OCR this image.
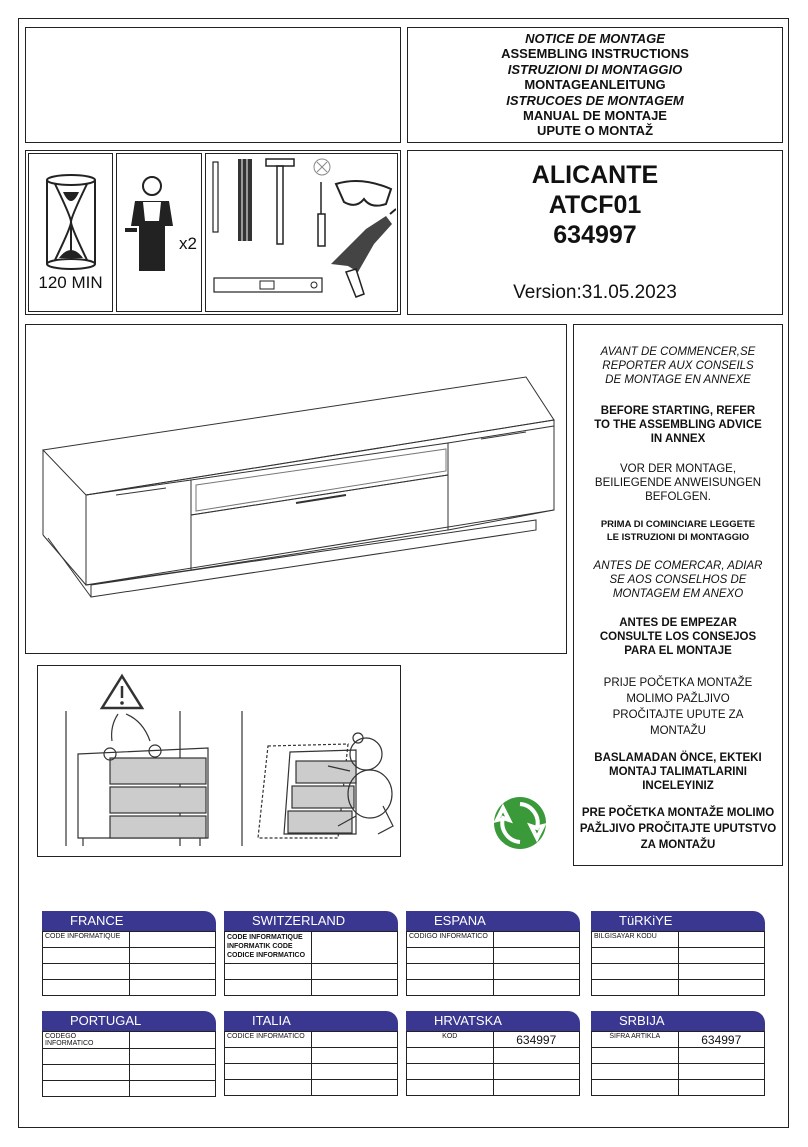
NOTICE DE MONTAGE
ASSEMBLING INSTRUCTIONS
ISTRUZIONI DI MONTAGGIO
MONTAGEANLEITUNG
ISTRUCOES DE MONTAGEM
MANUAL DE MONTAJE
UPUTE O MONTAŽ
120 MIN
x2
ALICANTE
ATCF01
634997
Version:31.05.2023
AVANT DE COMMENCER,SE REPORTER AUX CONSEILS DE MONTAGE EN ANNEXE
BEFORE STARTING, REFER TO THE ASSEMBLING ADVICE IN ANNEX
VOR DER MONTAGE, BEILIEGENDE ANWEISUNGEN BEFOLGEN.
PRIMA DI COMINCIARE LEGGETE LE ISTRUZIONI DI MONTAGGIO
ANTES DE COMERCAR, ADIAR SE AOS CONSELHOS DE MONTAGEM EM ANEXO
ANTES DE EMPEZAR CONSULTE LOS CONSEJOS PARA EL MONTAJE
PRIJE POČETKA MONTAŽE MOLIMO PAŽLJIVO PROČITAJTE UPUTE ZA MONTAŽU
BASLAMADAN ÖNCE, EKTEKI MONTAJ TALIMATLARINI INCELEYINIZ
PRE POČETKA MONTAŽE MOLIMO PAŽLJIVO PROČITAJTE UPUTSTVO ZA MONTAŽU
FRANCE
CODE INFORMATIQUE	

SWITZERLAND
CODE INFORMATIQUE INFORMATIK CODE CODICE INFORMATICO	

ESPANA
CODIGO INFORMATICO	

TüRKiYE
BILGISAYAR KODU	

PORTUGAL
CODEGO INFORMATICO	

ITALIA
CODICE INFORMATICO	

HRVATSKA
KOD	634997

SRBIJA
ŠIFRA ARTIKLA	634997
